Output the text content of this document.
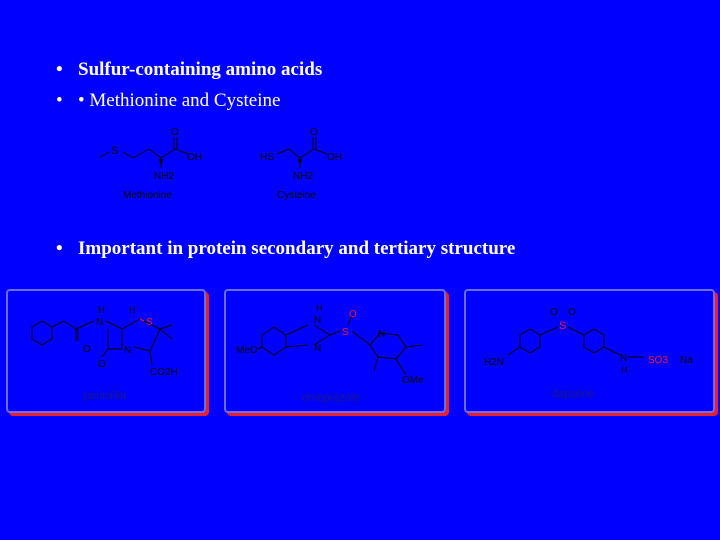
• Sulfur-containing amino acids
• • Methionine and Cysteine
• Important in protein secondary and tertiary structure
S
O
OH
NH2
Methionine
HS
O
OH
NH2
Cysteine
H
N
H
S
O
O
N
CO2H
penicillin
H
N
O
S	N
MeO	N
OMe
omeprazole
O O
S
H2N	N
H
SO3 Na
dapsone
